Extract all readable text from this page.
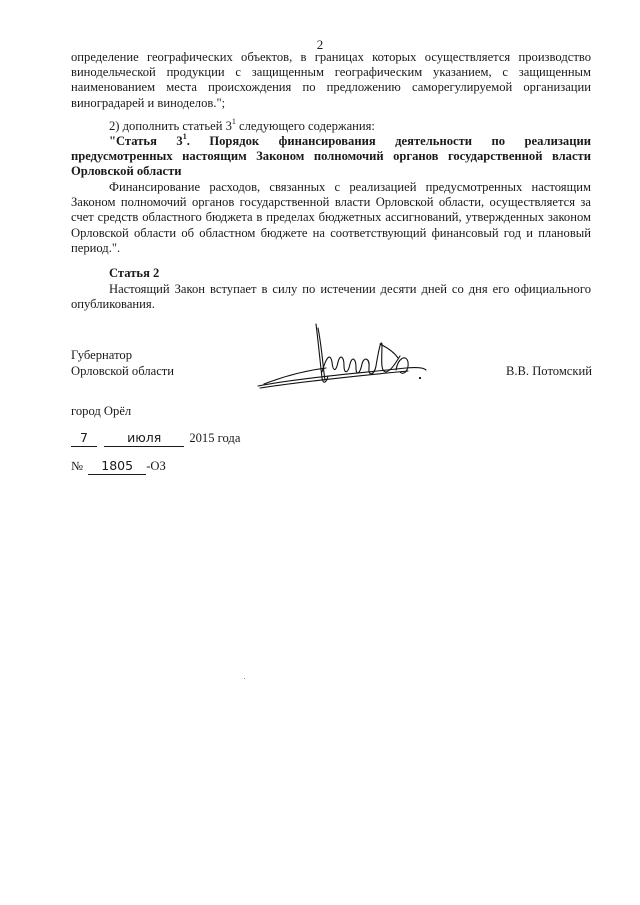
2
определение географических объектов, в границах которых осуществляется производство винодельческой продукции с защищенным географическим указанием, с защищенным наименованием места происхождения по предложению саморегулируемой организации виноградарей и виноделов.";
2) дополнить статьей $3^1$ следующего содержания:
"Статья $3^1$. Порядок финансирования деятельности по реализации предусмотренных настоящим Законом полномочий органов государственной власти Орловской области
Финансирование расходов, связанных с реализацией предусмотренных настоящим Законом полномочий органов государственной власти Орловской области, осуществляется за счет средств областного бюджета в пределах бюджетных ассигнований, утвержденных законом Орловской области об областном бюджете на соответствующий финансовый год и плановый период.".
Статья 2
Настоящий Закон вступает в силу по истечении десяти дней со дня его официального опубликования.
Губернатор
Орловской области	В.В. Потомский
город Орёл
7	июля 2015 года
№ 1805 -ОЗ
